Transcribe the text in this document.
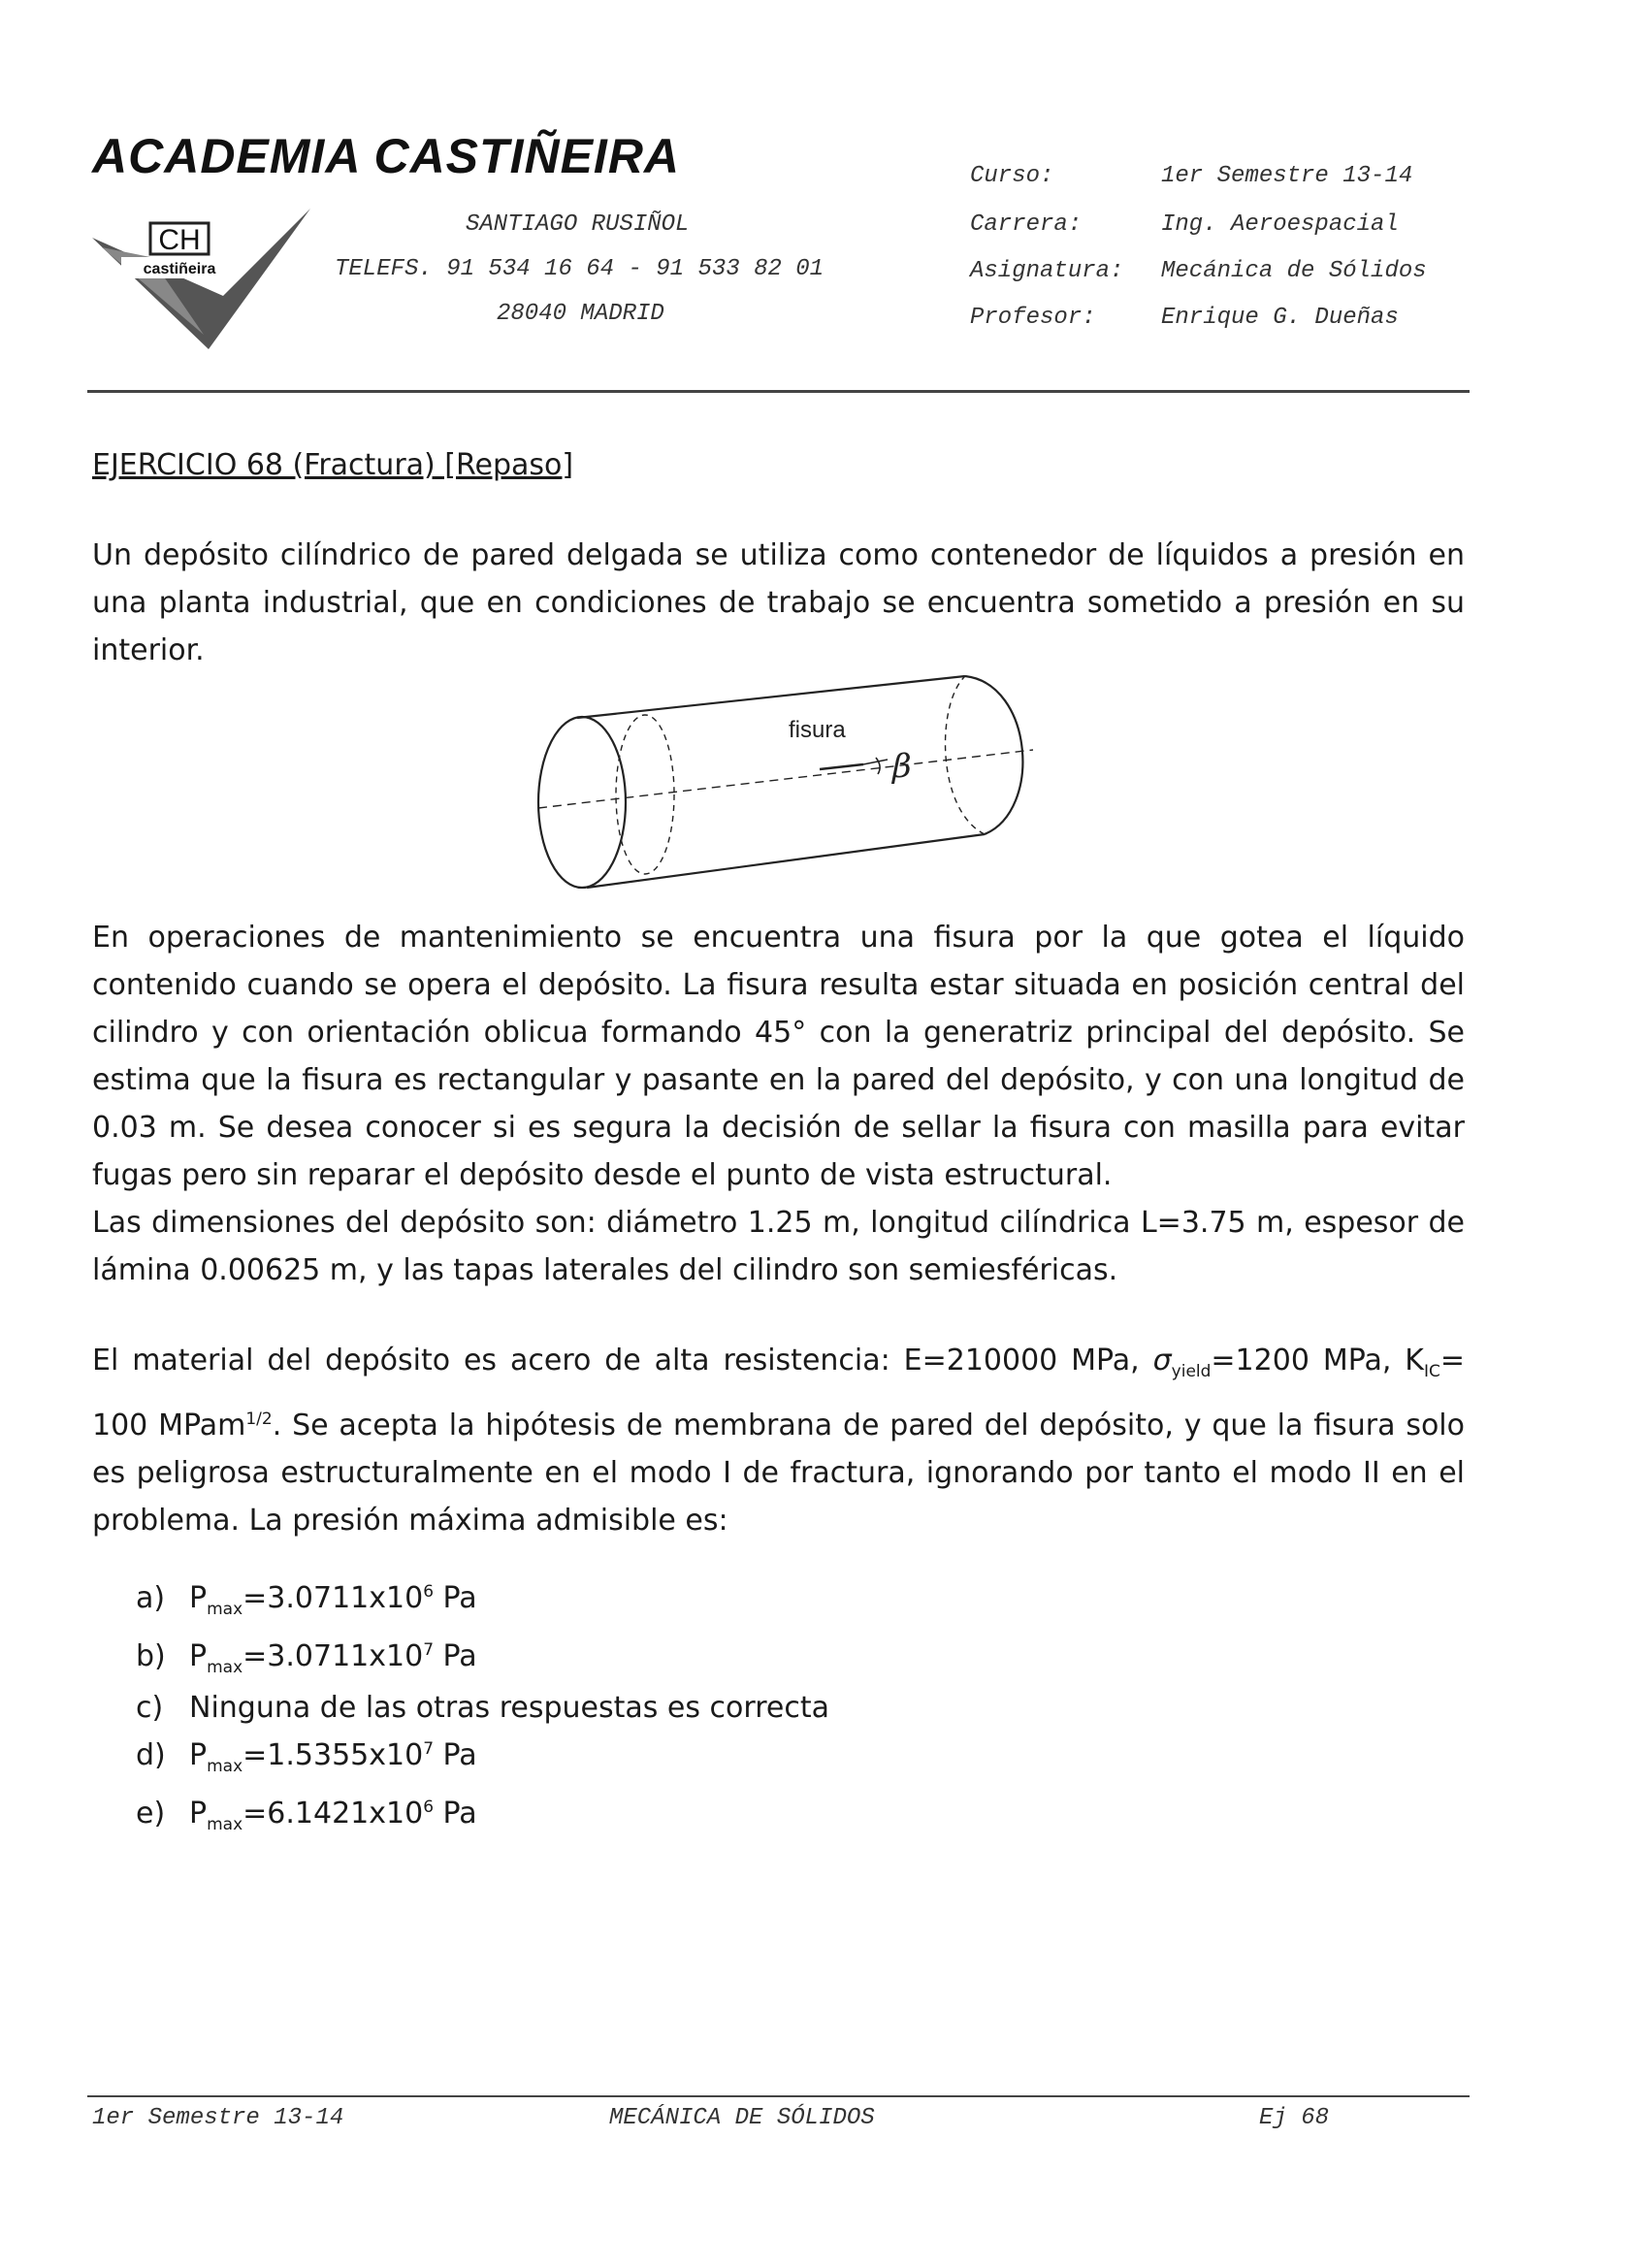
ACADEMIA CASTIÑEIRA
CH
castiñeira
SANTIAGO RUSIÑOL
TELEFS. 91 534 16 64 - 91 533 82 01
28040 MADRID
Curso:	1er Semestre 13-14
Carrera:	Ing. Aeroespacial
Asignatura: Mecánica de Sólidos
Profesor:	Enrique G. Dueñas
EJERCICIO 68 (Fractura) [Repaso]

Un depósito cilíndrico de pared delgada se utiliza como contenedor de líquidos a presión en una planta industrial, que en condiciones de trabajo se encuentra sometido a presión en su interior.

fisura
β

En operaciones de mantenimiento se encuentra una fisura por la que gotea el líquido contenido cuando se opera el depósito. La fisura resulta estar situada en posición central del cilindro y con orientación oblicua formando 45° con la generatriz principal del depósito. Se estima que la fisura es rectangular y pasante en la pared del depósito, y con una longitud de 0.03 m. Se desea conocer si es segura la decisión de sellar la fisura con masilla para evitar fugas pero sin reparar el depósito desde el punto de vista estructural.

Las dimensiones del depósito son: diámetro 1.25 m, longitud cilíndrica L=3.75 m, espesor de lámina 0.00625 m, y las tapas laterales del cilindro son semiesféricas.

El material del depósito es acero de alta resistencia: E=210000 MPa, $\sigma_{yield}=1200$ MPa, $K_{IC}= 100$ MPam$^{1/2}$. Se acepta la hipótesis de membrana de pared del depósito, y que la fisura solo es peligrosa estructuralmente en el modo I de fractura, ignorando por tanto el modo II en el problema. La presión máxima admisible es:

a) $P_{max}=3.0711x10^6$ Pa
b) $P_{max}=3.0711x10^7$ Pa
c) Ninguna de las otras respuestas es correcta
d) $P_{max}=1.5355x10^7$ Pa
e) $P_{max}=6.1421x10^6$ Pa
1er Semestre 13-14	MECÁNICA DE SÓLIDOS	Ej 68
